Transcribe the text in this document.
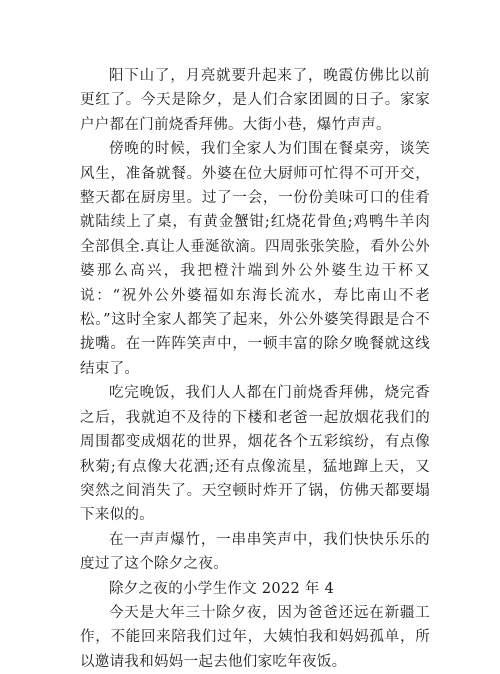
阳下山了，月亮就要升起来了，晚霞仿佛比以前更红了。今天是除夕，是人们合家团圆的日子。家家户户都在门前烧香拜佛。大街小巷，爆竹声声。

傍晚的时候，我们全家人为们围在餐桌旁，谈笑风生，准备就餐。外婆在位大厨师可忙得不可开交，整天都在厨房里。过了一会，一份份美味可口的佳肴就陆续上了桌，有黄金蟹钳;红烧花骨鱼;鸡鸭牛羊肉全部俱全.真让人垂涎欲滴。四周张张笑脸，看外公外婆那么高兴，我把橙汁端到外公外婆生边干杯又说：“祝外公外婆福如东海长流水，寿比南山不老松。”这时全家人都笑了起来，外公外婆笑得跟是合不拢嘴。在一阵阵笑声中，一顿丰富的除夕晚餐就这线结束了。

吃完晚饭，我们人人都在门前烧香拜佛，烧完香之后，我就迫不及待的下楼和老爸一起放烟花我们的周围都变成烟花的世界，烟花各个五彩缤纷，有点像秋菊;有点像大花洒;还有点像流星，猛地蹿上天，又突然之间消失了。天空顿时炸开了锅，仿佛天都要塌下来似的。

在一声声爆竹，一串串笑声中，我们快快乐乐的度过了这个除夕之夜。

除夕之夜的小学生作文 2022 年 4

今天是大年三十除夕夜，因为爸爸还远在新疆工作，不能回来陪我们过年，大姨怕我和妈妈孤单，所以邀请我和妈妈一起去他们家吃年夜饭。
